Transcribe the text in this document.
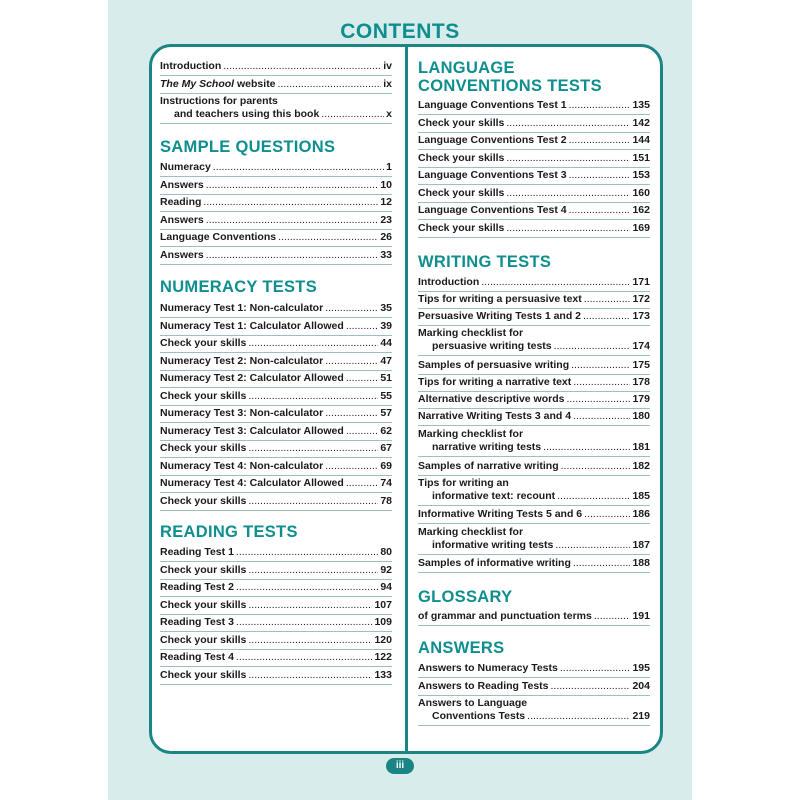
CONTENTS
Introduction .....	iv
The My School website .....	ix
Instructions for parents
and teachers using this book .....	x
SAMPLE QUESTIONS
Numeracy .....	1
Answers .....	10
Reading .....	12
Answers .....	23
Language Conventions .....	26
Answers .....	33
NUMERACY TESTS
Numeracy Test 1: Non-calculator .....	35
Numeracy Test 1: Calculator Allowed .....	39
Check your skills .....	44
Numeracy Test 2: Non-calculator .....	47
Numeracy Test 2: Calculator Allowed .....	51
Check your skills .....	55
Numeracy Test 3: Non-calculator .....	57
Numeracy Test 3: Calculator Allowed .....	62
Check your skills .....	67
Numeracy Test 4: Non-calculator .....	69
Numeracy Test 4: Calculator Allowed .....	74
Check your skills .....	78
READING TESTS
Reading Test 1 .....	80
Check your skills .....	92
Reading Test 2 .....	94
Check your skills .....	107
Reading Test 3 .....	109
Check your skills .....	120
Reading Test 4 .....	122
Check your skills .....	133
LANGUAGE
CONVENTIONS TESTS
Language Conventions Test 1 .....	135
Check your skills .....	142
Language Conventions Test 2 .....	144
Check your skills .....	151
Language Conventions Test 3 .....	153
Check your skills .....	160
Language Conventions Test 4 .....	162
Check your skills .....	169
WRITING TESTS
Introduction .....	171
Tips for writing a persuasive text .....	172
Persuasive Writing Tests 1 and 2 .....	173
Marking checklist for
persuasive writing tests .....	174
Samples of persuasive writing .....	175
Tips for writing a narrative text .....	178
Alternative descriptive words .....	179
Narrative Writing Tests 3 and 4 .....	180
Marking checklist for
narrative writing tests .....	181
Samples of narrative writing .....	182
Tips for writing an
informative text: recount .....	185
Informative Writing Tests 5 and 6 .....	186
Marking checklist for
informative writing tests .....	187
Samples of informative writing .....	188
GLOSSARY
of grammar and punctuation terms .....	191
ANSWERS
Answers to Numeracy Tests .....	195
Answers to Reading Tests .....	204
Answers to Language
Conventions Tests .....	219
iii
